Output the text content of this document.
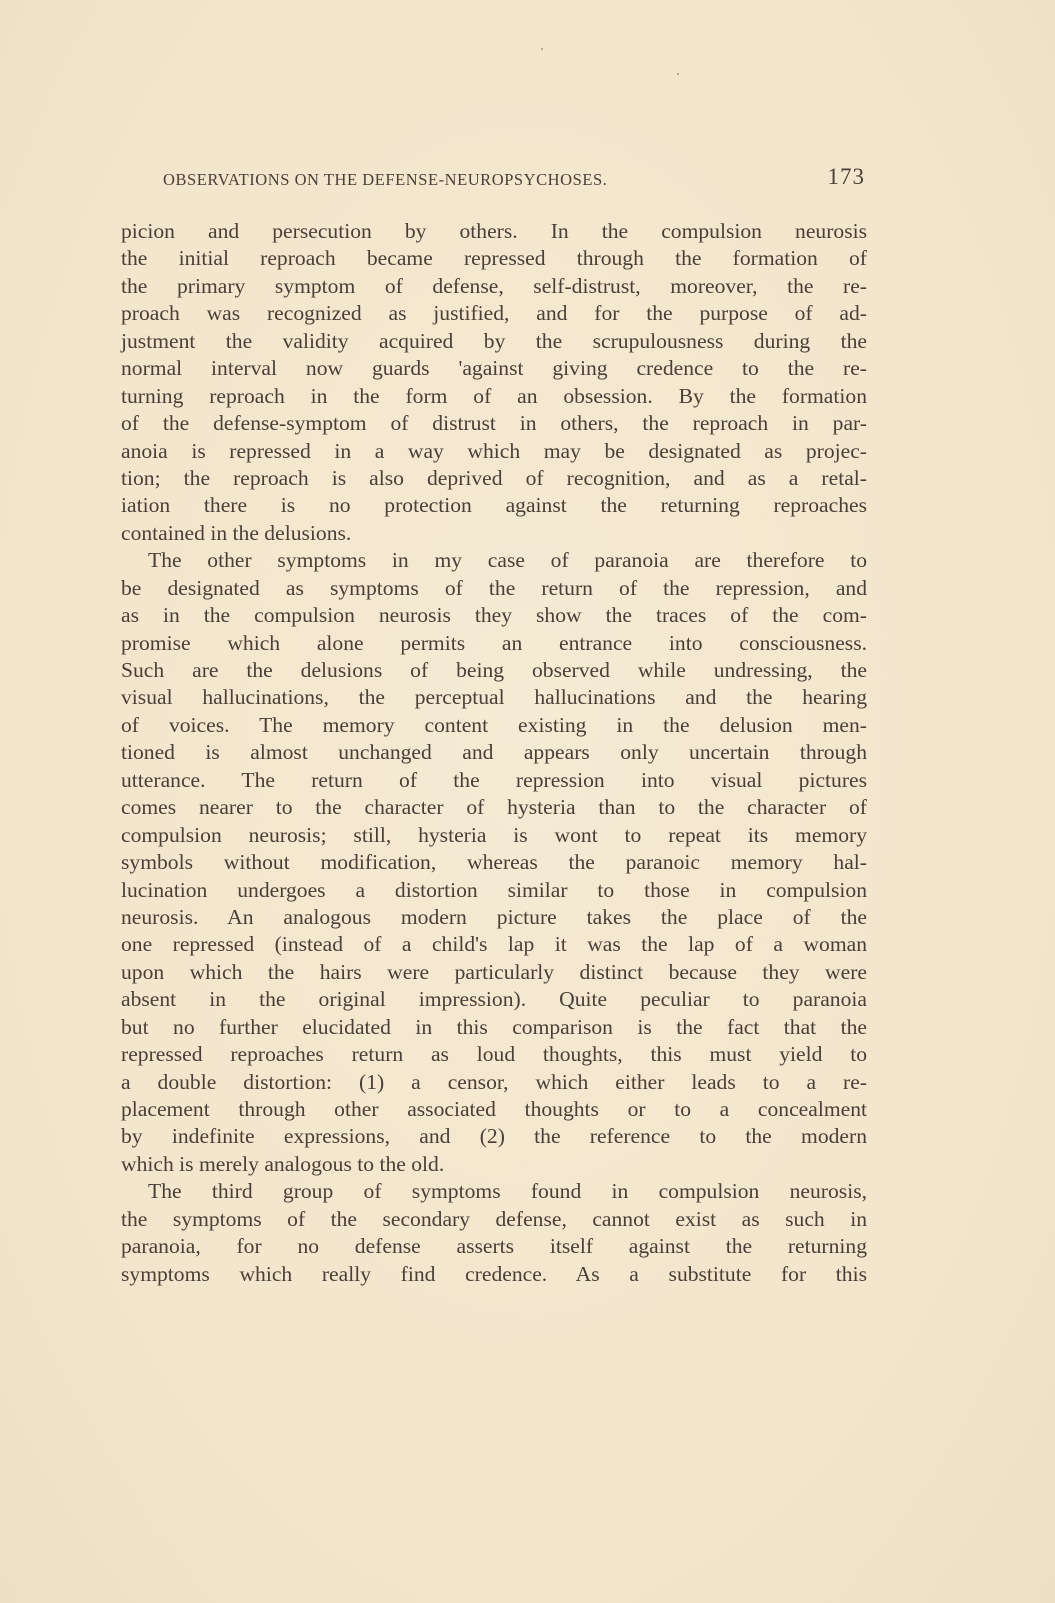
OBSERVATIONS ON THE DEFENSE-NEUROPSYCHOSES.	173
picion and persecution by others. In the compulsion neurosis
the initial reproach became repressed through the formation of
the primary symptom of defense, self-distrust, moreover, the re-
proach was recognized as justified, and for the purpose of ad-
justment the validity acquired by the scrupulousness during the
normal interval now guards 'against giving credence to the re-
turning reproach in the form of an obsession. By the formation
of the defense-symptom of distrust in others, the reproach in par-
anoia is repressed in a way which may be designated as projec-
tion; the reproach is also deprived of recognition, and as a retal-
iation there is no protection against the returning reproaches
contained in the delusions.
The other symptoms in my case of paranoia are therefore to
be designated as symptoms of the return of the repression, and
as in the compulsion neurosis they show the traces of the com-
promise which alone permits an entrance into consciousness.
Such are the delusions of being observed while undressing, the
visual hallucinations, the perceptual hallucinations and the hearing
of voices. The memory content existing in the delusion men-
tioned is almost unchanged and appears only uncertain through
utterance. The return of the repression into visual pictures
comes nearer to the character of hysteria than to the character of
compulsion neurosis; still, hysteria is wont to repeat its memory
symbols without modification, whereas the paranoic memory hal-
lucination undergoes a distortion similar to those in compulsion
neurosis. An analogous modern picture takes the place of the
one repressed (instead of a child's lap it was the lap of a woman
upon which the hairs were particularly distinct because they were
absent in the original impression). Quite peculiar to paranoia
but no further elucidated in this comparison is the fact that the
repressed reproaches return as loud thoughts, this must yield to
a double distortion: (1) a censor, which either leads to a re-
placement through other associated thoughts or to a concealment
by indefinite expressions, and (2) the reference to the modern
which is merely analogous to the old.
The third group of symptoms found in compulsion neurosis,
the symptoms of the secondary defense, cannot exist as such in
paranoia, for no defense asserts itself against the returning
symptoms which really find credence. As a substitute for this
